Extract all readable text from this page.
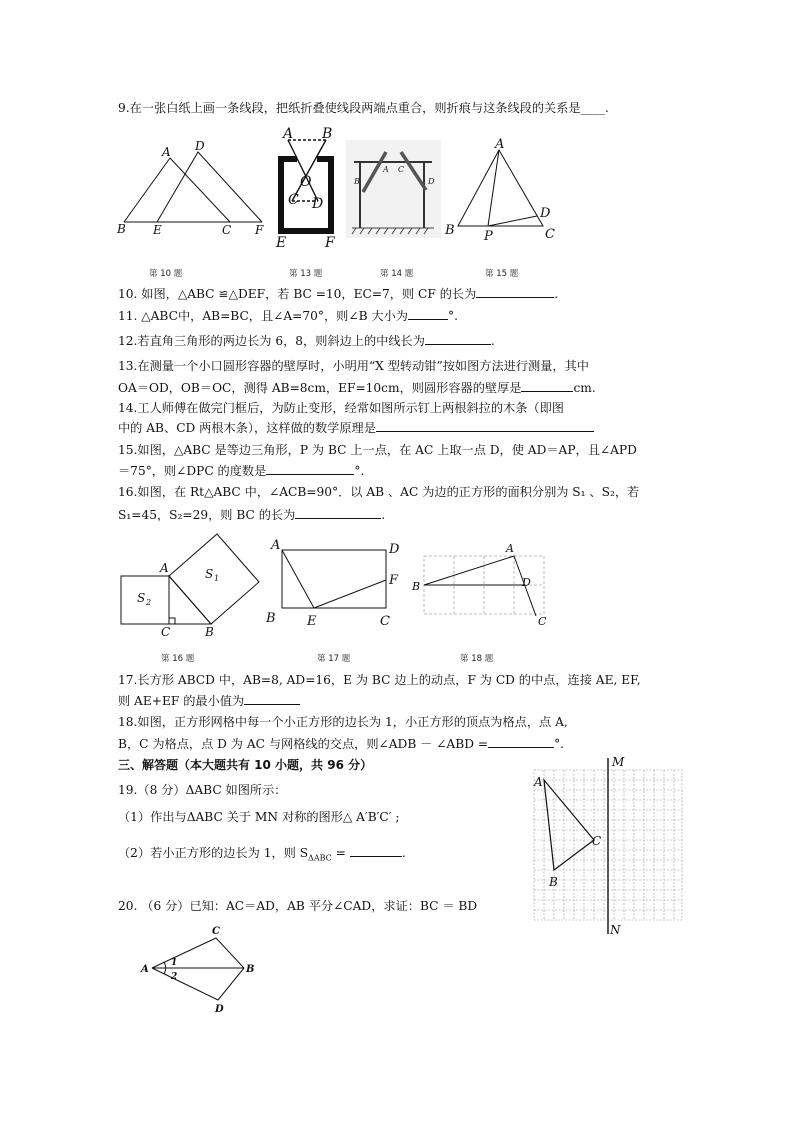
9.在一张白纸上画一条线段，把纸折叠使线段两端点重合，则折痕与这条线段的关系是____.
A D
B E	C F
A B
O
C D
E	F
B
A C
D
A
B	C
D
P
第 10 题	第 13 题	第 14 题	第 15 题
10. 如图，△ABC ≌△DEF，若 BC =10，EC=7，则 CF 的长为	.
11. △ABC中，AB=BC，且∠A=70°，则∠B 大小为	°.
12.若直角三角形的两边长为 6，8，则斜边上的中线长为	.
13.在测量一个小口圆形容器的壁厚时，小明用“X 型转动钳”按如图方法进行测量，其中
OA＝OD，OB＝OC，测得 AB=8cm，EF=10cm，则圆形容器的壁厚是	cm.
14.工人师傅在做完门框后，为防止变形，经常如图所示钉上两根斜拉的木条（即图
中的 AB、CD 两根木条），这样做的数学原理是
15.如图，△ABC 是等边三角形，P 为 BC 上一点，在 AC 上取一点 D，使 AD＝AP，且∠APD
＝75°，则∠DPC 的度数是	°.
16.如图，在 Rt△ABC 中，∠ACB=90°．以 AB 、AC 为边的正方形的面积分别为 S₁ 、S₂，若
S₁=45，S₂=29，则 BC 的长为	.
A
C	B
S 2
S 1
A	D
F
B E	C
B
A
D
C
第 16 题	第 17 题	第 18 题
17.长方形 ABCD 中，AB=8, AD=16，E 为 BC 边上的动点，F 为 CD 的中点，连接 AE, EF,
则 AE+EF 的最小值为
18.如图，正方形网格中每一个小正方形的边长为 1，小正方形的顶点为格点，点 A,
B，C 为格点，点 D 为 AC 与网格线的交点，则∠ADB － ∠ABD =	°.
三、解答题（本大题共有 10 小题，共 96 分）
19.（8 分）ΔABC 如图所示：
（1）作出与ΔABC 关于 MN 对称的图形△ A′B′C′ ;
（2）若小正方形的边长为 1，则 $S_{\Delta ABC}$ =	.
M
N
A
B
C
20. （6 分）已知：AC＝AD，AB 平分∠CAD，求证：BC ＝ BD
A	B
C
D
1
2
